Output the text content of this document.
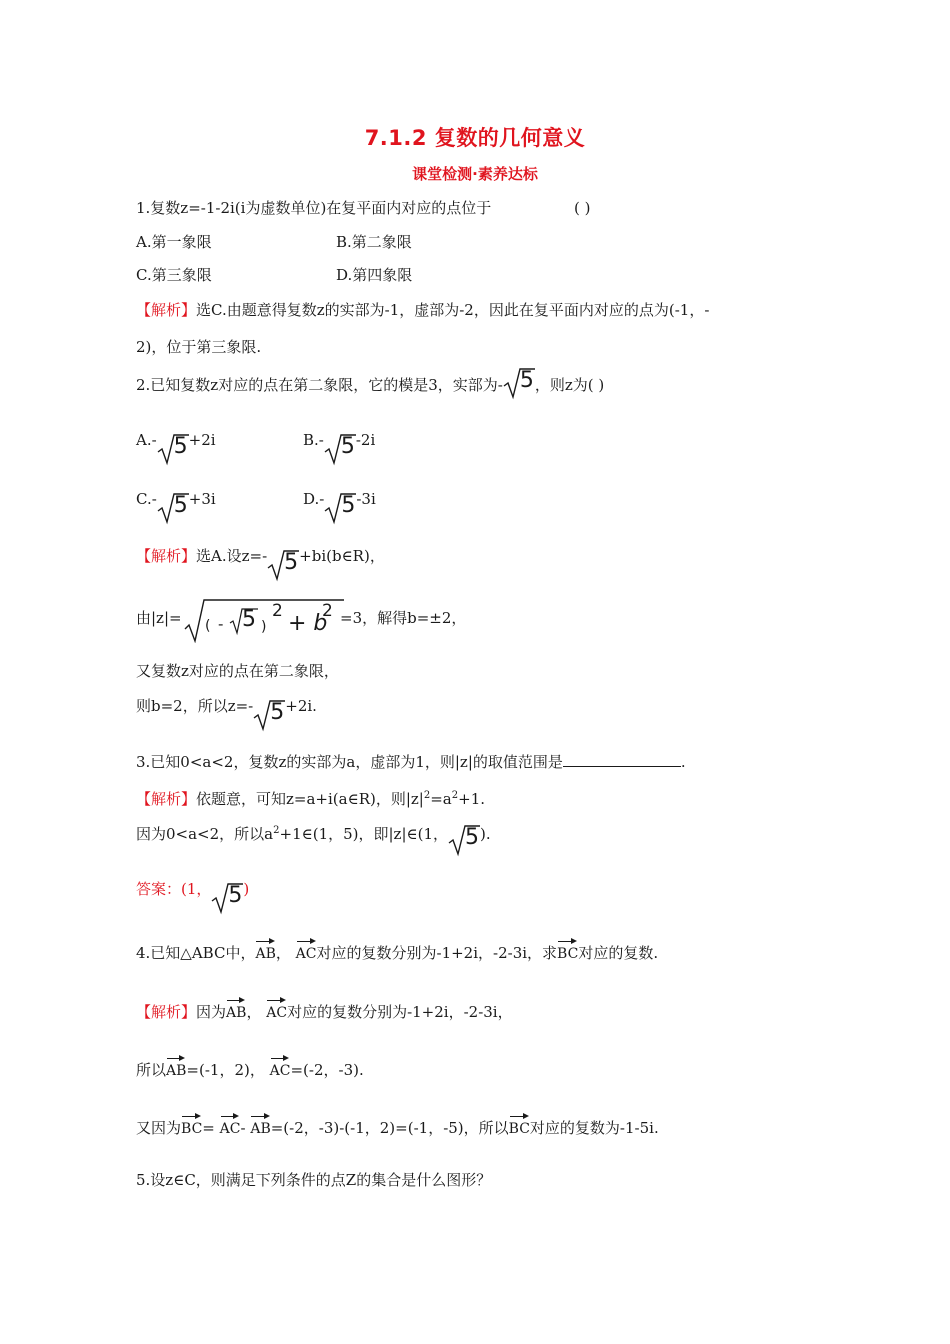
7.1.2 复数的几何意义
课堂检测·素养达标
1.复数z=-1-2i(i为虚数单位)在复平面内对应的点位于	( )
A.第一象限	B.第二象限
C.第三象限	D.第四象限
【解析】选C.由题意得复数z的实部为-1，虚部为-2，因此在复平面内对应的点为(-1，-
2)，位于第三象限.
2.已知复数z对应的点在第二象限，它的模是3，实部为- 5 ，则z为( )
A.- 5 +2i	B.- 5 -2i
C.- 5 +3i	D.- 5 -3i
【解析】选A.设z=- 5 +bi(b∈R)，
由|z|= ( - 5 )
2 + b
2 =3，解得b=±2，
又复数z对应的点在第二象限，
则b=2，所以z=- 5 +2i.
3.已知0<a<2，复数z的实部为a，虚部为1，则|z|的取值范围是	.
【解析】依题意，可知z=a+i(a∈R)，则$|z|^2=a^2+1$.
因为0<a<2，所以$a^2+1\in(1$，5)，即|z|∈(1， 5 ).
答案：(1， 5 )
4.已知△ABC中，AB， AC对应的复数分别为-1+2i，-2-3i，求BC对应的复数.
【解析】因为AB， AC对应的复数分别为-1+2i，-2-3i，
所以AB=(-1，2)， AC=(-2，-3).
又因为BC= AC- AB=(-2，-3)-(-1，2)=(-1，-5)，所以BC对应的复数为-1-5i.
5.设z∈C，则满足下列条件的点Z的集合是什么图形？
